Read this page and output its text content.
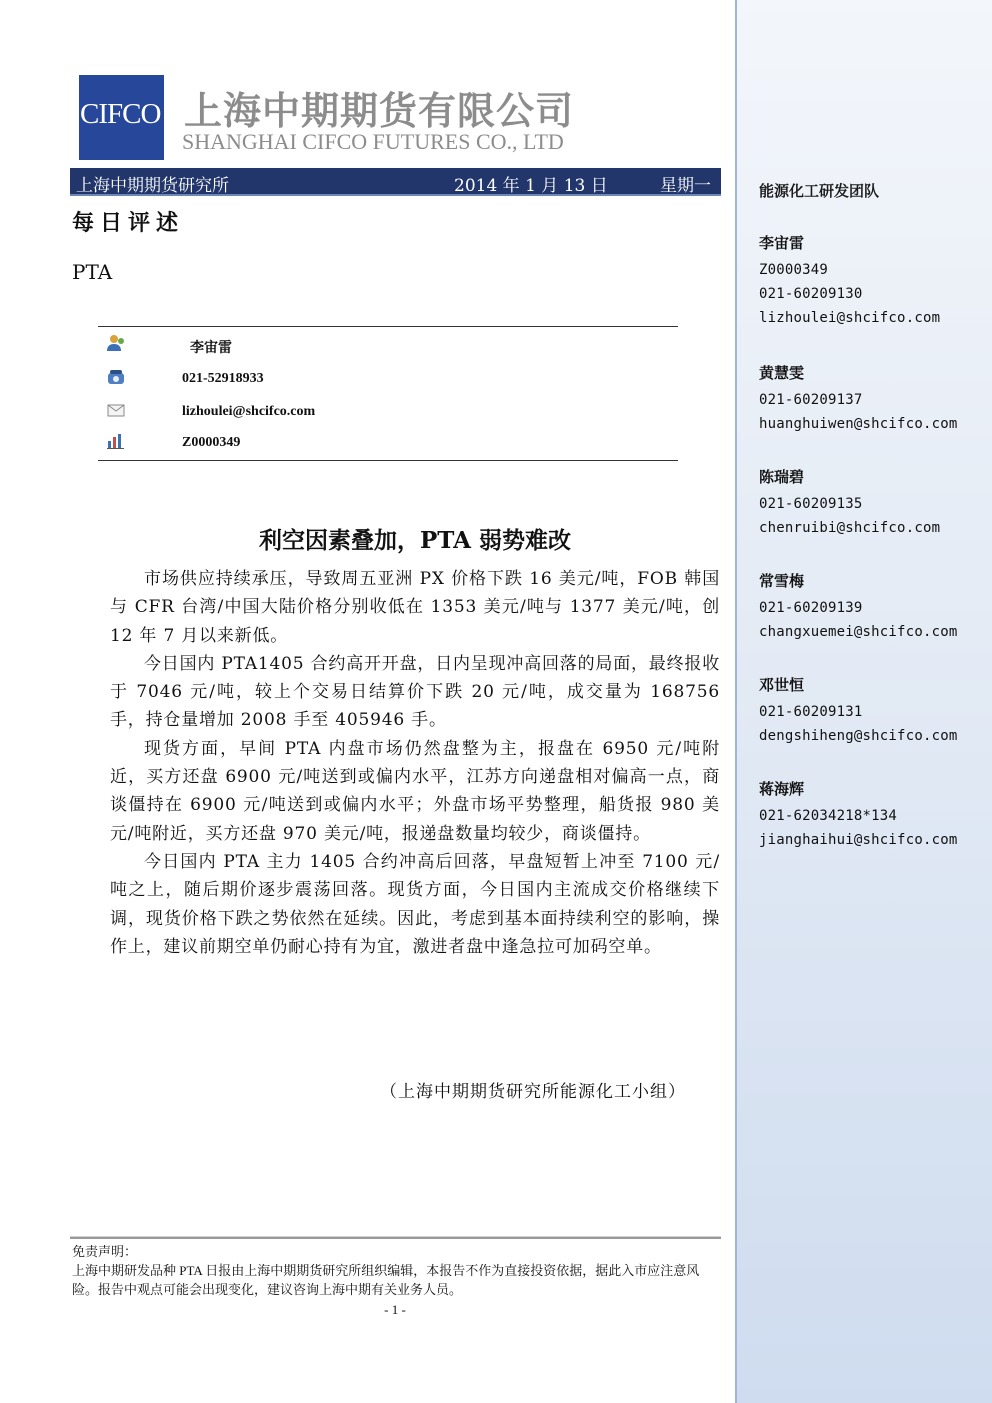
能源化工研发团队
李宙雷
Z0000349
021-60209130
lizhoulei@shcifco.com
黄慧雯
021-60209137
huanghuiwen@shcifco.com
陈瑞碧
021-60209135
chenruibi@shcifco.com
常雪梅
021-60209139
changxuemei@shcifco.com
邓世恒
021-60209131
dengshiheng@shcifco.com
蒋海辉
021-62034218*134
jianghaihui@shcifco.com
CIFCO 上海中期期货有限公司
SHANGHAI CIFCO FUTURES CO., LTD
上海中期期货研究所	2014 年 1 月 13 日	星期一
每日评述
PTA
李宙雷
021-52918933
lizhoulei@shcifco.com
Z0000349
利空因素叠加，PTA 弱势难改

市场供应持续承压，导致周五亚洲 PX 价格下跌 16 美元/吨，FOB 韩国与 CFR 台湾/中国大陆价格分别收低在 1353 美元/吨与 1377 美元/吨，创 12 年 7 月以来新低。

今日国内 PTA1405 合约高开开盘，日内呈现冲高回落的局面，最终报收于 7046 元/吨，较上个交易日结算价下跌 20 元/吨，成交量为 168756 手，持仓量增加 2008 手至 405946 手。

现货方面，早间 PTA 内盘市场仍然盘整为主，报盘在 6950 元/吨附近，买方还盘 6900 元/吨送到或偏内水平，江苏方向递盘相对偏高一点，商谈僵持在 6900 元/吨送到或偏内水平；外盘市场平势整理，船货报 980 美元/吨附近，买方还盘 970 美元/吨，报递盘数量均较少，商谈僵持。

今日国内 PTA 主力 1405 合约冲高后回落，早盘短暂上冲至 7100 元/吨之上，随后期价逐步震荡回落。现货方面，今日国内主流成交价格继续下调，现货价格下跌之势依然在延续。因此，考虑到基本面持续利空的影响，操作上，建议前期空单仍耐心持有为宜，激进者盘中逢急拉可加码空单。

（上海中期期货研究所能源化工小组）
免责声明：
上海中期研发品种 PTA 日报由上海中期期货研究所组织编辑，本报告不作为直接投资依据，据此入市应注意风险。报告中观点可能会出现变化，建议咨询上海中期有关业务人员。
- 1 -
